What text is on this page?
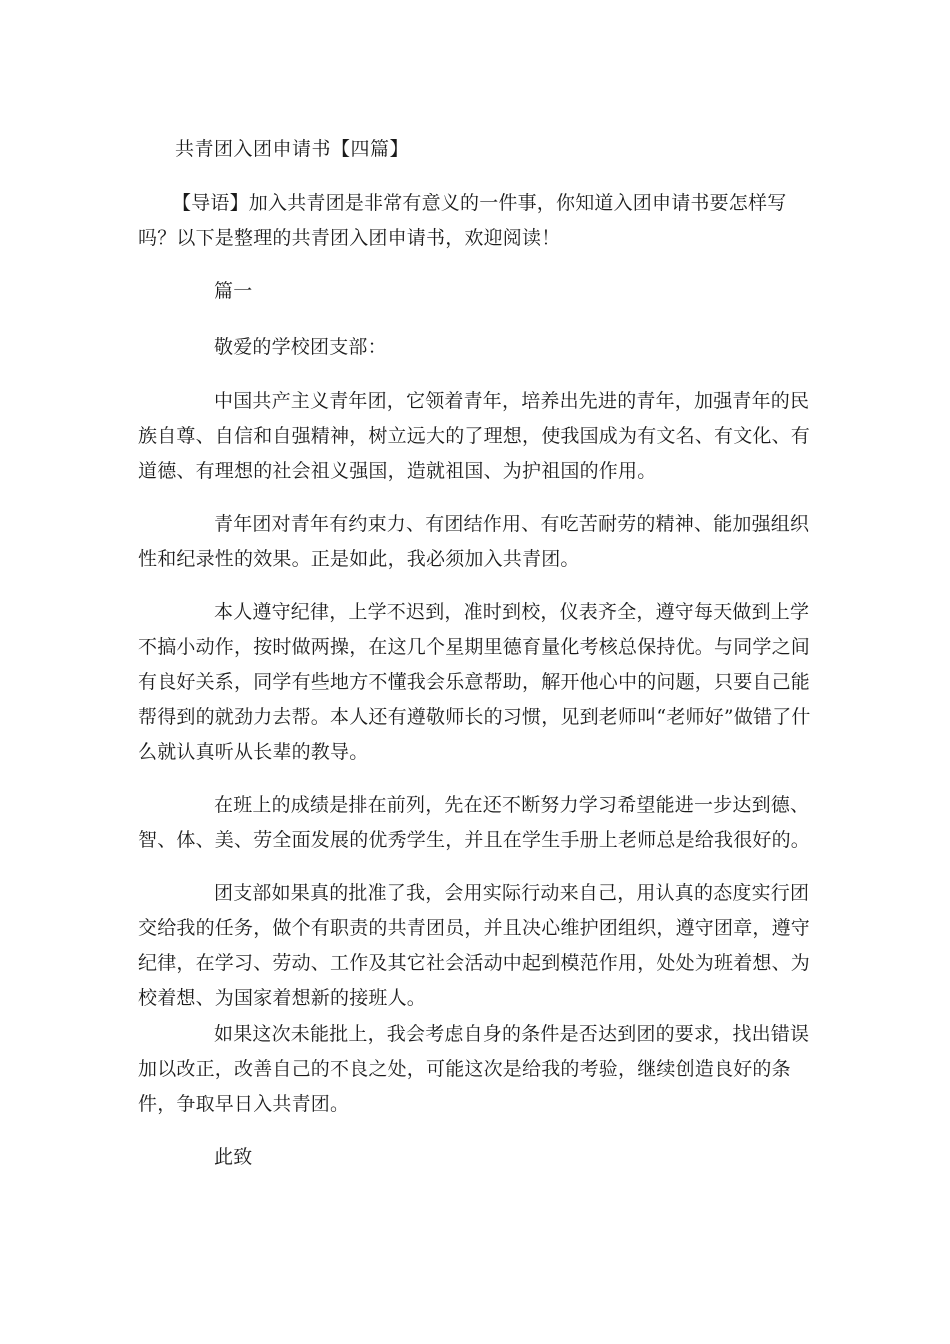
共青团入团申请书【四篇】

【导语】加入共青团是非常有意义的一件事，你知道入团申请书要怎样写吗？以下是整理的共青团入团申请书，欢迎阅读！

篇一

敬爱的学校团支部：

中国共产主义青年团，它领着青年，培养出先进的青年，加强青年的民族自尊、自信和自强精神，树立远大的了理想，使我国成为有文名、有文化、有道德、有理想的社会祖义强国，造就祖国、为护祖国的作用。

青年团对青年有约束力、有团结作用、有吃苦耐劳的精神、能加强组织性和纪录性的效果。正是如此，我必须加入共青团。

本人遵守纪律，上学不迟到，准时到校，仪表齐全，遵守每天做到上学不搞小动作，按时做两操，在这几个星期里德育量化考核总保持优。与同学之间有良好关系，同学有些地方不懂我会乐意帮助，解开他心中的问题，只要自己能帮得到的就劲力去帮。本人还有遵敬师长的习惯，见到老师叫“老师好”做错了什么就认真听从长辈的教导。

在班上的成绩是排在前列，先在还不断努力学习希望能进一步达到德、智、体、美、劳全面发展的优秀学生，并且在学生手册上老师总是给我很好的。

团支部如果真的批准了我，会用实际行动来自己，用认真的态度实行团交给我的任务，做个有职责的共青团员，并且决心维护团组织，遵守团章，遵守纪律，在学习、劳动、工作及其它社会活动中起到模范作用，处处为班着想、为校着想、为国家着想新的接班人。

如果这次未能批上，我会考虑自身的条件是否达到团的要求，找出错误加以改正，改善自己的不良之处，可能这次是给我的考验，继续创造良好的条件，争取早日入共青团。

此致
